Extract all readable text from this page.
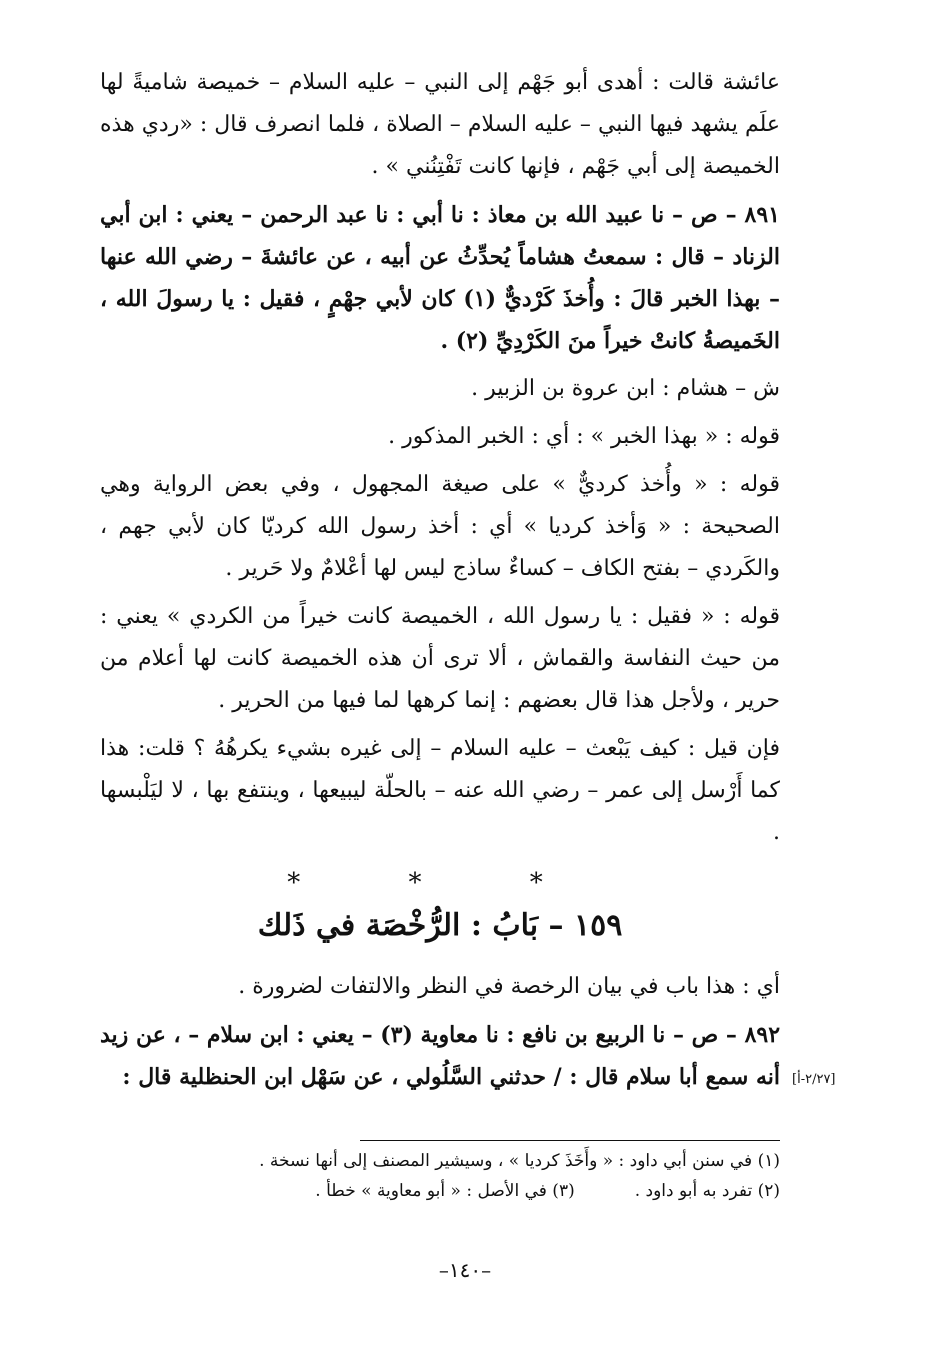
عائشة قالت : أهدى أبو جَهْم إلى النبي – عليه السلام – خميصة شاميةً لها علَم يشهد فيها النبي – عليه السلام – الصلاة ، فلما انصرف قال : «ردي هذه الخميصة إلى أبي جَهْم ، فإنها كانت تَفْتِنُني » .

٨٩١ – ص – نا عبيد الله بن معاذ : نا أبي : نا عبد الرحمن – يعني : ابن أبي الزناد – قال : سمعتُ هشاماً يُحدِّثُ عن أبيه ، عن عائشةَ – رضي الله عنها – بهذا الخبر قالَ : وأُخذَ كَرْديٌّ (١) كان لأبي جهْمٍ ، فقيل : يا رسولَ الله ، الخَميصةُ كانتْ خيراً منَ الكَرْدِيِّ (٢) .

ش – هشام : ابن عروة بن الزبير .

قوله : « بهذا الخبر » : أي : الخبر المذكور .

قوله : « وأُخذ كرديٌّ » على صيغة المجهول ، وفي بعض الرواية وهي الصحيحة : « وَأخذ كرديا » أي : أخذ رسول الله كرديّا كان لأبي جهم ، والكَردي – بفتح الكاف – كساءٌ ساذج ليس لها أعْلامٌ ولا حَرير .

قوله : « فقيل : يا رسول الله ، الخميصة كانت خيراً من الكردي » يعني : من حيث النفاسة والقماش ، ألا ترى أن هذه الخميصة كانت لها أعلام من حرير ، ولأجل هذا قال بعضهم : إنما كرهها لما فيها من الحرير .

فإن قيل : كيف يَبْعث – عليه السلام – إلى غيره بشيء يكرهُهُ ؟ قلت: هذا كما أَرْسل إلى عمر – رضي الله عنه – بالحلّة ليبيعها ، وينتفع بها ، لا ليَلْبسها .

* * *
١٥٩ – بَابُ : الرُّخْصَة في ذَلك

أي : هذا باب في بيان الرخصة في النظر والالتفات لضرورة .

٨٩٢ – ص – نا الربيع بن نافع : نا معاوية (٣) – يعني : ابن سلام – ، عن زيد أنه سمع أبا سلام قال : / حدثني السَّلُولي ، عن سَهْل ابن الحنظلية قال : [٢/٢٧-أ]
(١) في سنن أبي داود : « وأَخَذَ كرديا » ، وسيشير المصنف إلى أنها نسخة .
(٢) تفرد به أبو داود .(٣) في الأصل : « أبو معاوية » خطأ .
–١٤٠–
